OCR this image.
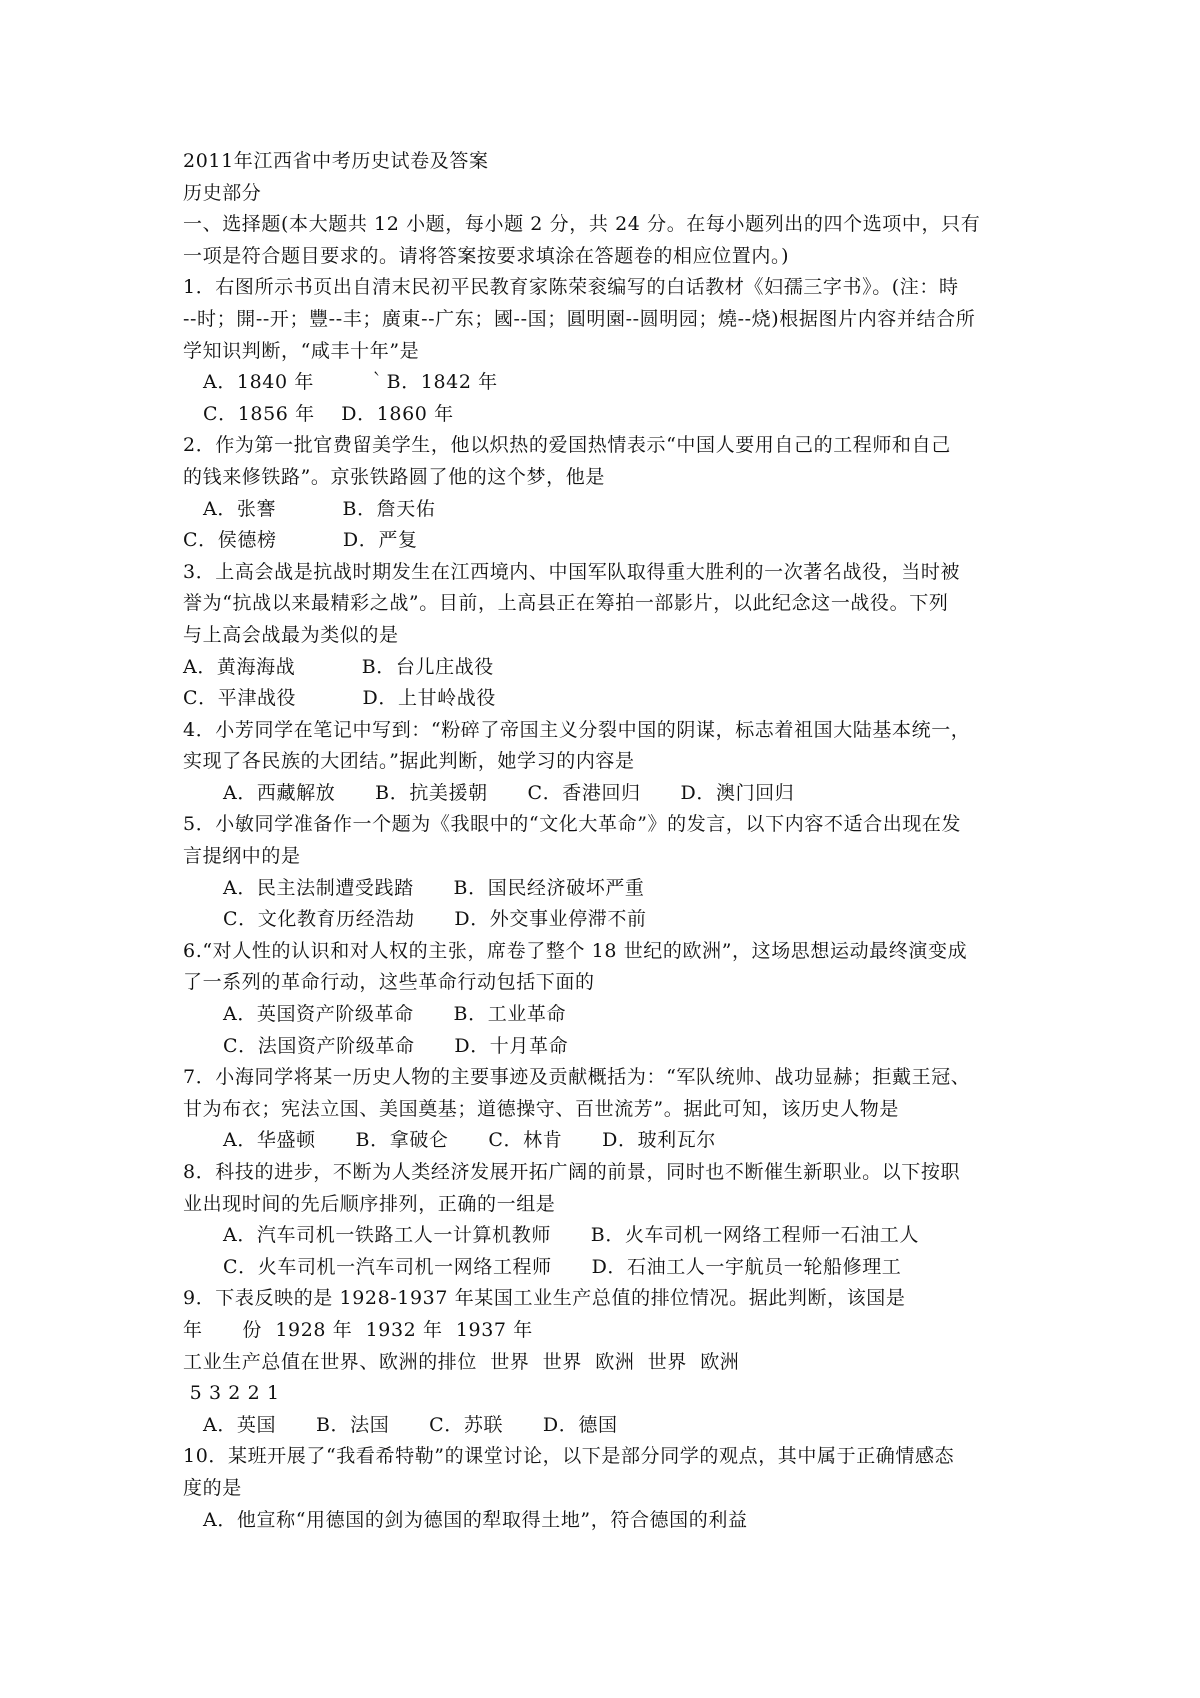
2011年江西省中考历史试卷及答案
历史部分
一、选择题(本大题共 12 小题，每小题 2 分，共 24 分。在每小题列出的四个选项中，只有
一项是符合题目要求的。请将答案按要求填涂在答题卷的相应位置内。)
1．右图所示书页出自清末民初平民教育家陈荣衮编写的白话教材《妇孺三字书》。(注：時
--时；開--开；豐--丰；廣東--广东；國--国；圓明園--圆明园；燒--烧)根据图片内容并结合所
学知识判断，“咸丰十年”是
A．1840 年        ｀B．1842 年
C．1856 年    D．1860 年
2．作为第一批官费留美学生，他以炽热的爱国热情表示“中国人要用自己的工程师和自己
的钱来修铁路”。京张铁路圆了他的这个梦，他是
A．张謇          B．詹天佑
C．侯德榜          D．严复
3．上高会战是抗战时期发生在江西境内、中国军队取得重大胜利的一次著名战役，当时被
誉为“抗战以来最精彩之战”。目前，上高县正在筹拍一部影片，以此纪念这一战役。下列
与上高会战最为类似的是
A．黄海海战          B．台儿庄战役
C．平津战役          D．上甘岭战役
4．小芳同学在笔记中写到：“粉碎了帝国主义分裂中国的阴谋，标志着祖国大陆基本统一，
实现了各民族的大团结。”据此判断，她学习的内容是
A．西藏解放      B．抗美援朝      C．香港回归      D．澳门回归
5．小敏同学准备作一个题为《我眼中的“文化大革命”》的发言，以下内容不适合出现在发
言提纲中的是
A．民主法制遭受践踏      B．国民经济破坏严重
C．文化教育历经浩劫      D．外交事业停滞不前
6.“对人性的认识和对人权的主张，席卷了整个 18 世纪的欧洲”，这场思想运动最终演变成
了一系列的革命行动，这些革命行动包括下面的
A．英国资产阶级革命      B．工业革命
C．法国资产阶级革命      D．十月革命
7．小海同学将某一历史人物的主要事迹及贡献概括为：“军队统帅、战功显赫；拒戴王冠、
甘为布衣；宪法立国、美国奠基；道德操守、百世流芳”。据此可知，该历史人物是
A．华盛顿      B．拿破仑      C．林肯      D．玻利瓦尔
8．科技的进步，不断为人类经济发展开拓广阔的前景，同时也不断催生新职业。以下按职
业出现时间的先后顺序排列，正确的一组是
A．汽车司机一铁路工人一计算机教师      B．火车司机一网络工程师一石油工人
C．火车司机一汽车司机一网络工程师      D．石油工人一宇航员一轮船修理工
9．下表反映的是 1928-1937 年某国工业生产总值的排位情况。据此判断，该国是
年      份  1928 年  1932 年  1937 年
工业生产总值在世界、欧洲的排位  世界  世界  欧洲  世界  欧洲
5 3 2 2 1
A．英国      B．法国      C．苏联      D．德国
10．某班开展了“我看希特勒”的课堂讨论，以下是部分同学的观点，其中属于正确情感态
度的是
A．他宣称“用德国的剑为德国的犁取得土地”，符合德国的利益
